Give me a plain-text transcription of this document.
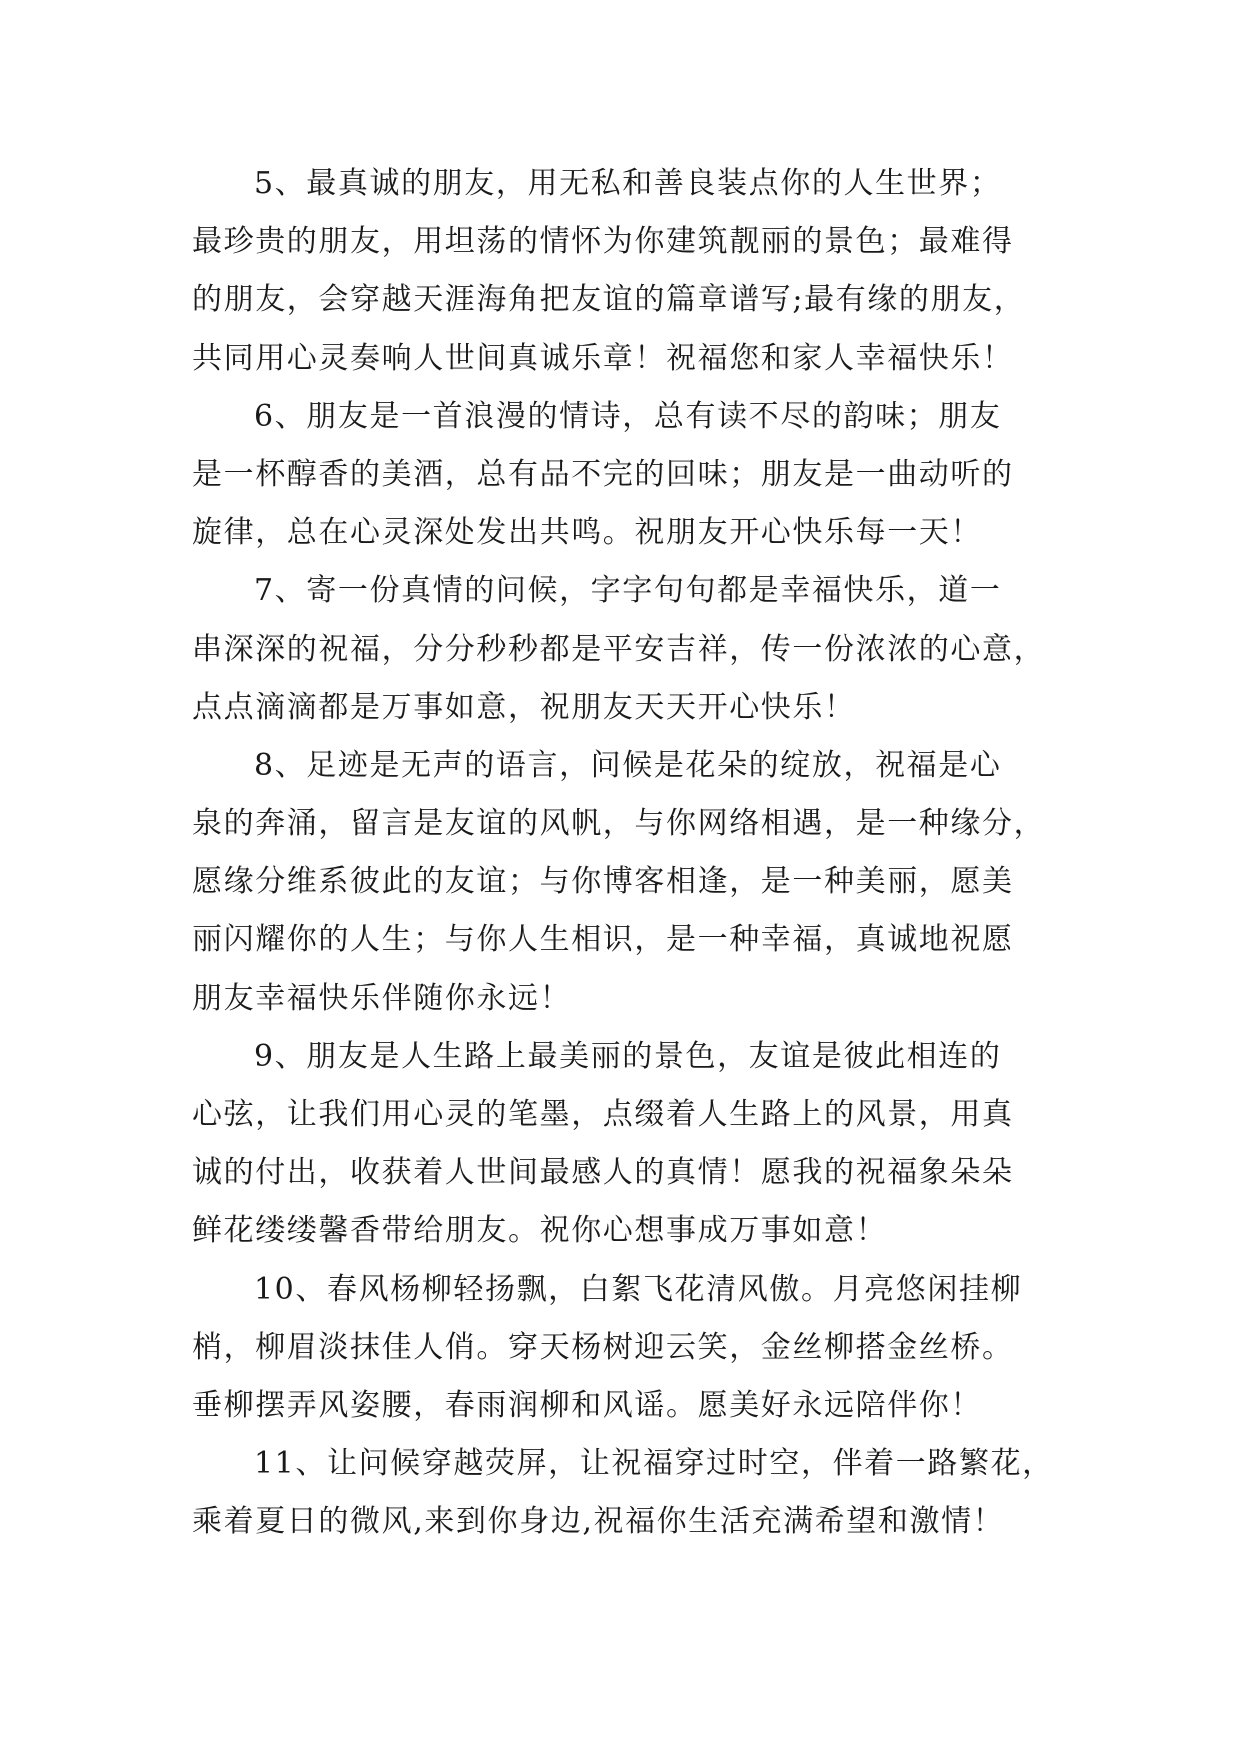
5、最真诚的朋友，用无私和善良装点你的人生世界；
最珍贵的朋友，用坦荡的情怀为你建筑靓丽的景色；最难得
的朋友，会穿越天涯海角把友谊的篇章谱写;最有缘的朋友，
共同用心灵奏响人世间真诚乐章！祝福您和家人幸福快乐！
6、朋友是一首浪漫的情诗，总有读不尽的韵味；朋友
是一杯醇香的美酒，总有品不完的回味；朋友是一曲动听的
旋律，总在心灵深处发出共鸣。祝朋友开心快乐每一天！
7、寄一份真情的问候，字字句句都是幸福快乐，道一
串深深的祝福，分分秒秒都是平安吉祥，传一份浓浓的心意，
点点滴滴都是万事如意，祝朋友天天开心快乐！
8、足迹是无声的语言，问候是花朵的绽放，祝福是心
泉的奔涌，留言是友谊的风帆，与你网络相遇，是一种缘分，
愿缘分维系彼此的友谊；与你博客相逢，是一种美丽，愿美
丽闪耀你的人生；与你人生相识，是一种幸福，真诚地祝愿
朋友幸福快乐伴随你永远！
9、朋友是人生路上最美丽的景色，友谊是彼此相连的
心弦，让我们用心灵的笔墨，点缀着人生路上的风景，用真
诚的付出，收获着人世间最感人的真情！愿我的祝福象朵朵
鲜花缕缕馨香带给朋友。祝你心想事成万事如意！
10、春风杨柳轻扬飘，白絮飞花清风傲。月亮悠闲挂柳
梢，柳眉淡抹佳人俏。穿天杨树迎云笑，金丝柳搭金丝桥。
垂柳摆弄风姿腰，春雨润柳和风谣。愿美好永远陪伴你！
11、让问候穿越荧屏，让祝福穿过时空，伴着一路繁花，
乘着夏日的微风,来到你身边,祝福你生活充满希望和激情！
